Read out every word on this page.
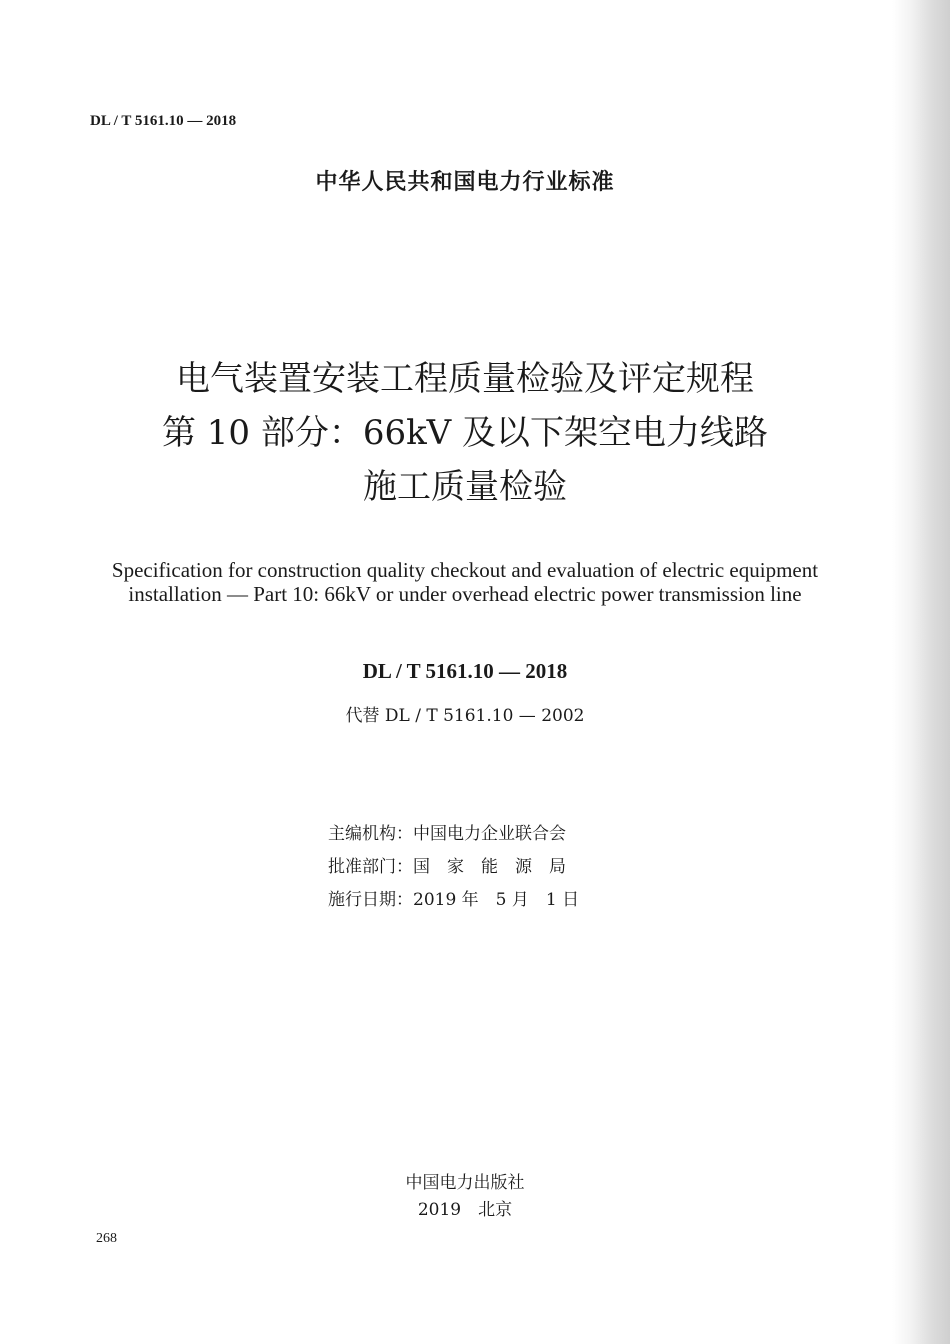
DL / T 5161.10 — 2018
中华人民共和国电力行业标准
电气装置安装工程质量检验及评定规程
第 10 部分：66kV 及以下架空电力线路
施工质量检验
Specification for construction quality checkout and evaluation of electric equipment
installation — Part 10: 66kV or under overhead electric power transmission line
DL / T 5161.10 — 2018
代替 DL / T 5161.10 — 2002
主编机构：中国电力企业联合会
批准部门：国　家　能　源　局
施行日期：2019 年　5 月　1 日
中国电力出版社
2019　北京
268
